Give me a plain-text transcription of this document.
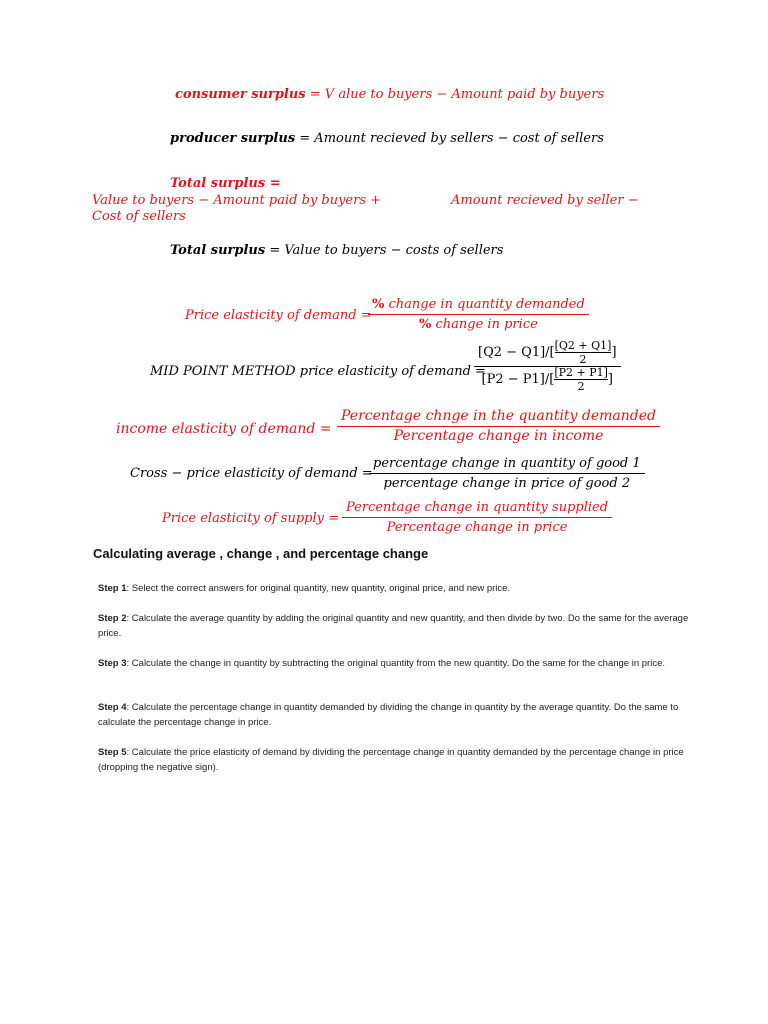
consumer surplus = V alue to buyers − Amount paid by buyers
producer surplus = Amount recieved by sellers − cost of sellers
Total surplus =
Value to buyers − Amount paid by buyers +	Amount recieved by seller −
Cost of sellers
Total surplus = Value to buyers − costs of sellers
Price elasticity of demand =
% change in quantity demanded
% change in price
MID POINT METHOD price elasticity of demand =
$[Q2 - Q1]/[ \frac{[Q2 + Q1]}{2}$ ]
$[P2 - P1]/[ \frac{[P2 + P1]}{2}$ ]
income elasticity of demand =
Percentage chnge in the quantity demanded
Percentage change in income
Cross − price elasticity of demand =
percentage change in quantity of good 1
percentage change in price of good 2
Price elasticity of supply =
Percentage change in quantity supplied
Percentage change in price
Calculating average , change , and percentage change
Step 1: Select the correct answers for original quantity, new quantity, original price, and new price.
Step 2: Calculate the average quantity by adding the original quantity and new quantity, and then divide by two. Do the same for the average price.
Step 3: Calculate the change in quantity by subtracting the original quantity from the new quantity. Do the same for the change in price.
Step 4: Calculate the percentage change in quantity demanded by dividing the change in quantity by the average quantity. Do the same to calculate the percentage change in price.
Step 5: Calculate the price elasticity of demand by dividing the percentage change in quantity demanded by the percentage change in price (dropping the negative sign).
